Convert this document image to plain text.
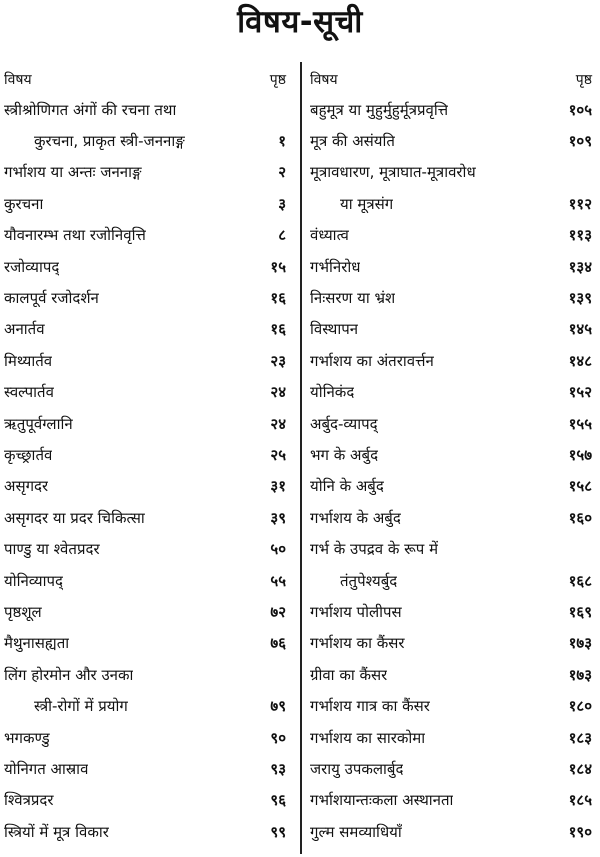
विषय-सूची
विषय	पृष्ठ
स्त्रीश्रोणिगत अंगों की रचना तथा
कुरचना, प्राकृत स्त्री-जननाङ्ग	१
गर्भाशय या अन्तः जननाङ्ग	२
कुरचना	३
यौवनारम्भ तथा रजोनिवृत्ति	८
रजोव्यापद्	१५
कालपूर्व रजोदर्शन	१६
अनार्तव	१६
मिथ्यार्तव	२३
स्वल्पार्तव	२४
ऋतुपूर्वग्लानि	२४
कृच्छ्रार्तव	२५
असृगदर	३१
असृगदर या प्रदर चिकित्सा	३९
पाण्डु या श्वेतप्रदर	५०
योनिव्यापद्	५५
पृष्ठशूल	७२
मैथुनासह्यता	७६
लिंग होरमोन और उनका
स्त्री-रोगों में प्रयोग	७९
भगकण्डु	९०
योनिगत आस्राव	९३
श्वित्रप्रदर	९६
स्त्रियों में मूत्र विकार	९९
विषय	पृष्ठ
बहुमूत्र या मुहुर्मुहुर्मूत्रप्रवृत्ति	१०५
मूत्र की असंयति	१०९
मूत्रावधारण, मूत्राघात-मूत्रावरोध
या मूत्रसंग	११२
वंध्यात्व	११३
गर्भनिरोध	१३४
निःसरण या भ्रंश	१३९
विस्थापन	१४५
गर्भाशय का अंतरावर्त्तन	१४८
योनिकंद	१५२
अर्बुद-व्यापद्	१५५
भग के अर्बुद	१५७
योनि के अर्बुद	१५८
गर्भाशय के अर्बुद	१६०
गर्भ के उपद्रव के रूप में
तंतुपेश्यर्बुद	१६८
गर्भाशय पोलीपस	१६९
गर्भाशय का कैंसर	१७३
ग्रीवा का कैंसर	१७३
गर्भाशय गात्र का कैंसर	१८०
गर्भाशय का सारकोमा	१८३
जरायु उपकलार्बुद	१८४
गर्भाशयान्तःकला अस्थानता	१८५
गुल्म समव्याधियाँ	१९०
